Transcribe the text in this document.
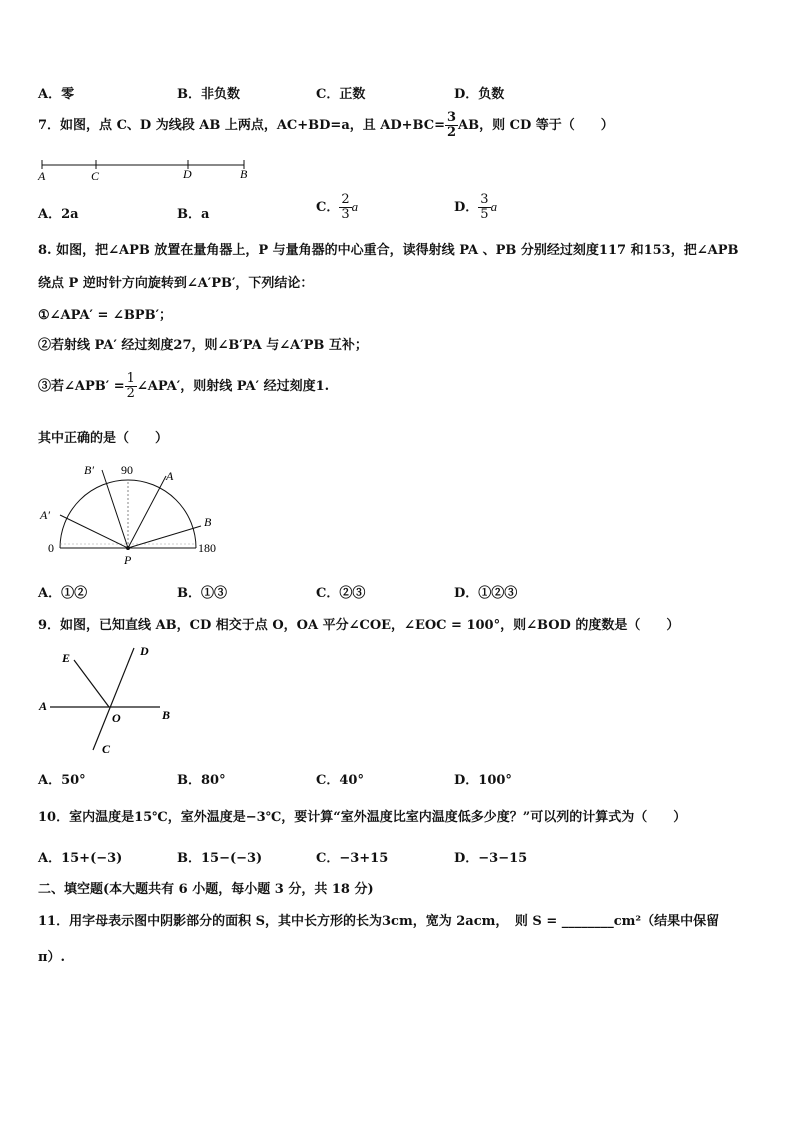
A．零	B．非负数	C．正数	D．负数
7．如图，点 C、D 为线段 AB 上两点，AC+BD=a，且 $AD+BC= \frac{3}{2}$ AB，则 CD 等于（　　）
A	C	D	B
A．2a	B．a	C． $\frac{2}{3}$ a	D． $\frac{3}{5}$ a
8. 如图，把∠APB 放置在量角器上，P 与量角器的中心重合，读得射线 PA 、PB 分别经过刻度117 和153，把∠APB
绕点 P 逆时针方向旋转到∠A′PB′，下列结论：
①∠APA′ = ∠BPB′；
②若射线 PA′ 经过刻度27，则∠B′PA 与∠A′PB 互补；
③若∠APB′ = $\frac{1}{2}$ ∠APA′，则射线 PA′ 经过刻度1.
其中正确的是（　　）
B′ 90	A
A′	B
0	180
P
A．①②	B．①③	C．②③	D．①②③
9．如图，已知直线 AB，CD 相交于点 O，OA 平分∠COE，∠EOC = 100°，则∠BOD 的度数是（　　）
E	D
A
O	B
C
A．50°	B．80°	C．40°	D．100°
10．室内温度是15℃，室外温度是−3℃，要计算“室外温度比室内温度低多少度？”可以列的计算式为（　　）
A．15+(−3)	B．15−(−3)	C．−3+15	D．−3−15
二、填空题(本大题共有 6 小题，每小题 3 分，共 18 分)
11．用字母表示图中阴影部分的面积 S，其中长方形的长为3cm，宽为 2acm，　则 S = ________cm²（结果中保留
π）.
